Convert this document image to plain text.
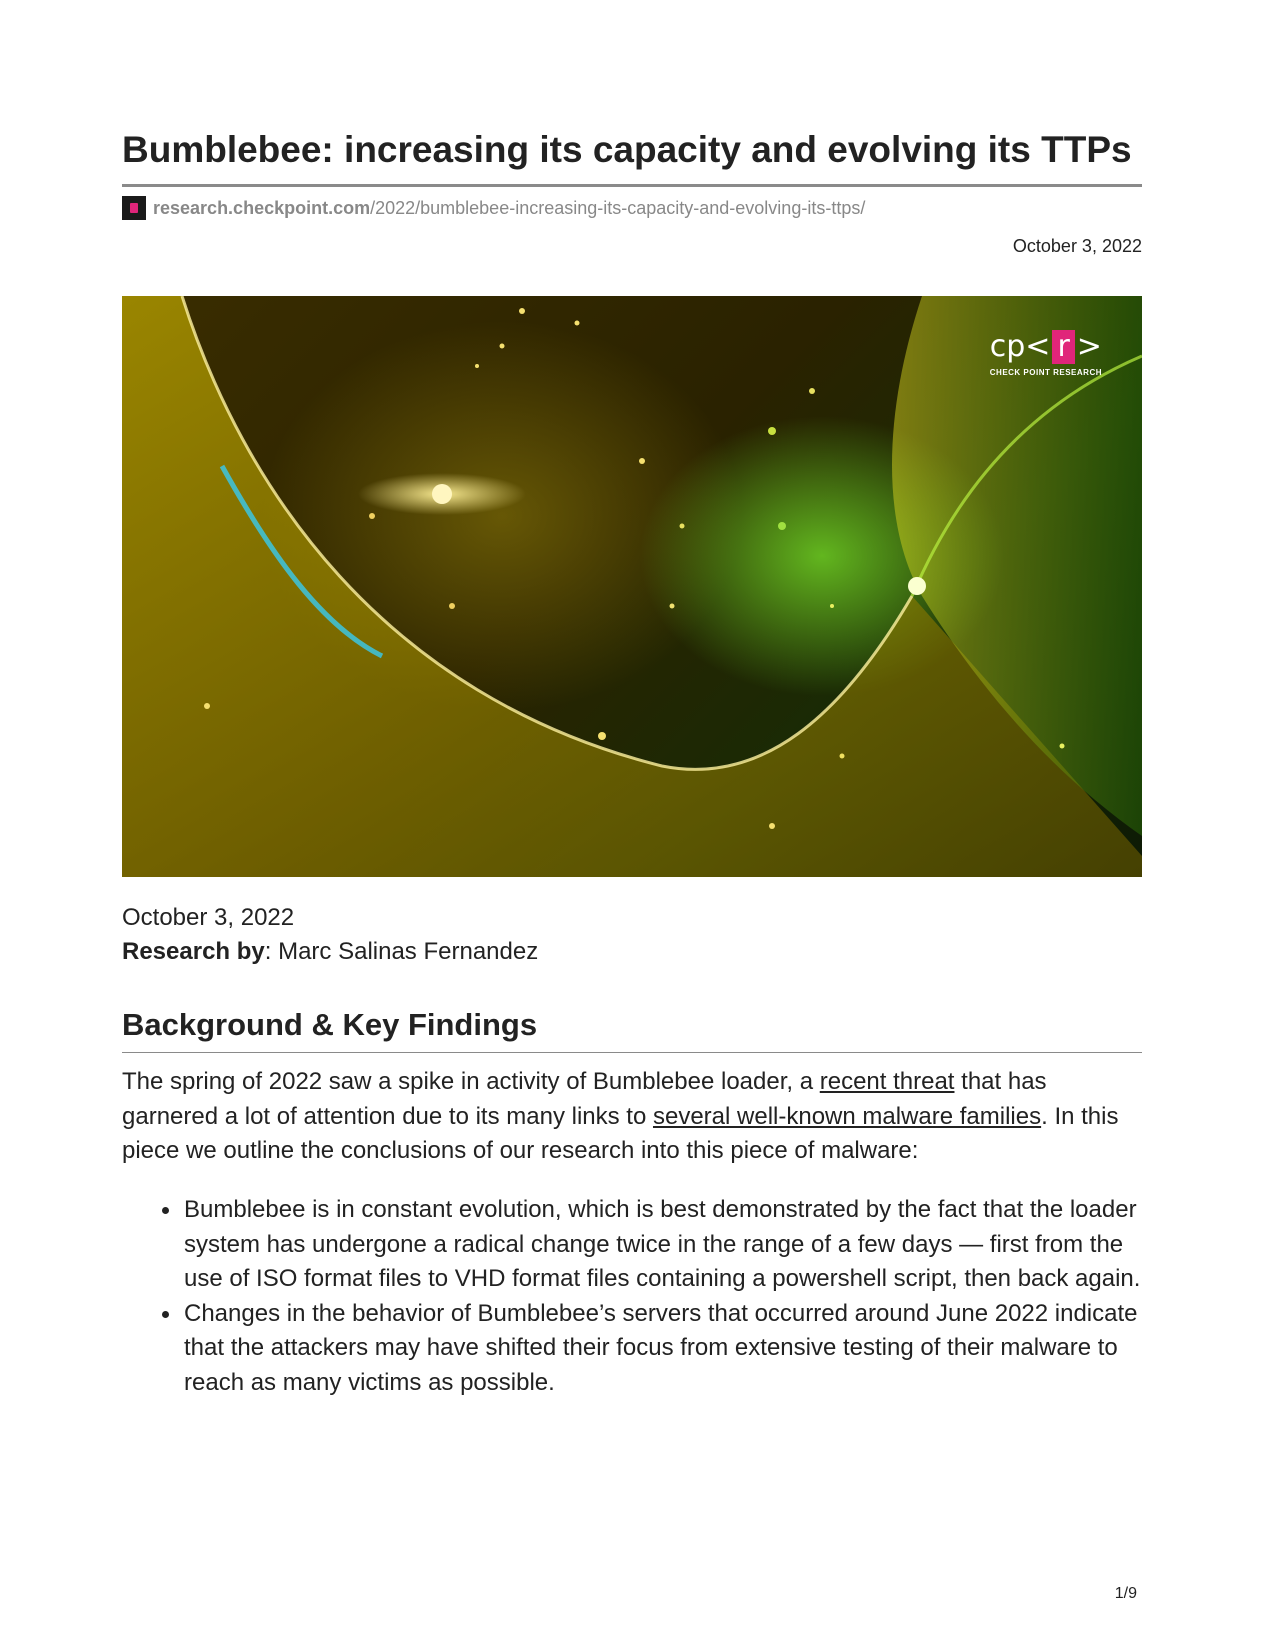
Bumblebee: increasing its capacity and evolving its TTPs
research.checkpoint.com/2022/bumblebee-increasing-its-capacity-and-evolving-its-ttps/
October 3, 2022
cp< r >
CHECK POINT RESEARCH
October 3, 2022
Research by: Marc Salinas Fernandez
Background & Key Findings

The spring of 2022 saw a spike in activity of Bumblebee loader, a recent threat that has garnered a lot of attention due to its many links to several well-known malware families. In this piece we outline the conclusions of our research into this piece of malware:

Bumblebee is in constant evolution, which is best demonstrated by the fact that the loader system has undergone a radical change twice in the range of a few days — first from the use of ISO format files to VHD format files containing a powershell script, then back again.
Changes in the behavior of Bumblebee’s servers that occurred around June 2022 indicate that the attackers may have shifted their focus from extensive testing of their malware to reach as many victims as possible.
1/9
